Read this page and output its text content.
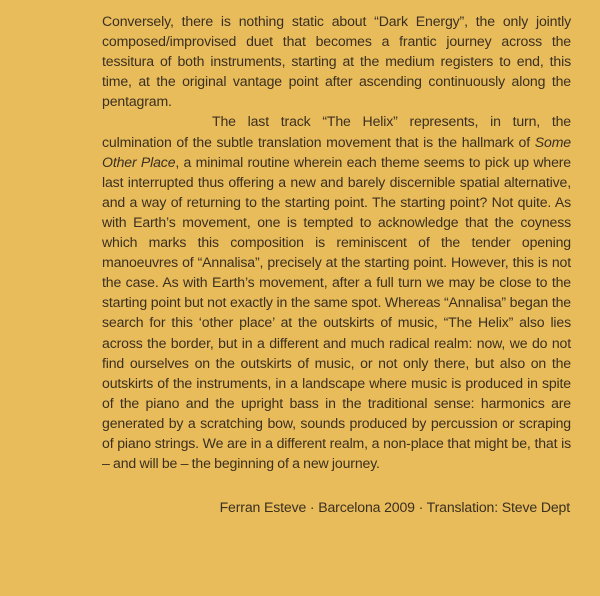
Conversely, there is nothing static about “Dark Energy”, the only jointly composed/improvised duet that becomes a frantic journey across the tessitura of both instruments, starting at the medium registers to end, this time, at the original vantage point after ascending continuously along the pentagram.

The last track “The Helix” represents, in turn, the culmination of the subtle translation movement that is the hallmark of Some Other Place, a minimal routine wherein each theme seems to pick up where last interrupted thus offering a new and barely discernible spatial alternative, and a way of returning to the starting point. The starting point? Not quite. As with Earth’s movement, one is tempted to acknowledge that the coyness which marks this composition is reminiscent of the tender opening manoeuvres of “Annalisa”, precisely at the starting point. However, this is not the case. As with Earth’s movement, after a full turn we may be close to the starting point but not exactly in the same spot. Whereas “Annalisa” began the search for this ‘other place’ at the outskirts of music, “The Helix” also lies across the border, but in a different and much radical realm: now, we do not find ourselves on the outskirts of music, or not only there, but also on the outskirts of the instruments, in a landscape where music is produced in spite of the piano and the upright bass in the traditional sense: harmonics are generated by a scratching bow, sounds produced by percussion or scraping of piano strings. We are in a different realm, a non-place that might be, that is – and will be – the beginning of a new journey.

Ferran Esteve · Barcelona 2009 · Translation: Steve Dept
